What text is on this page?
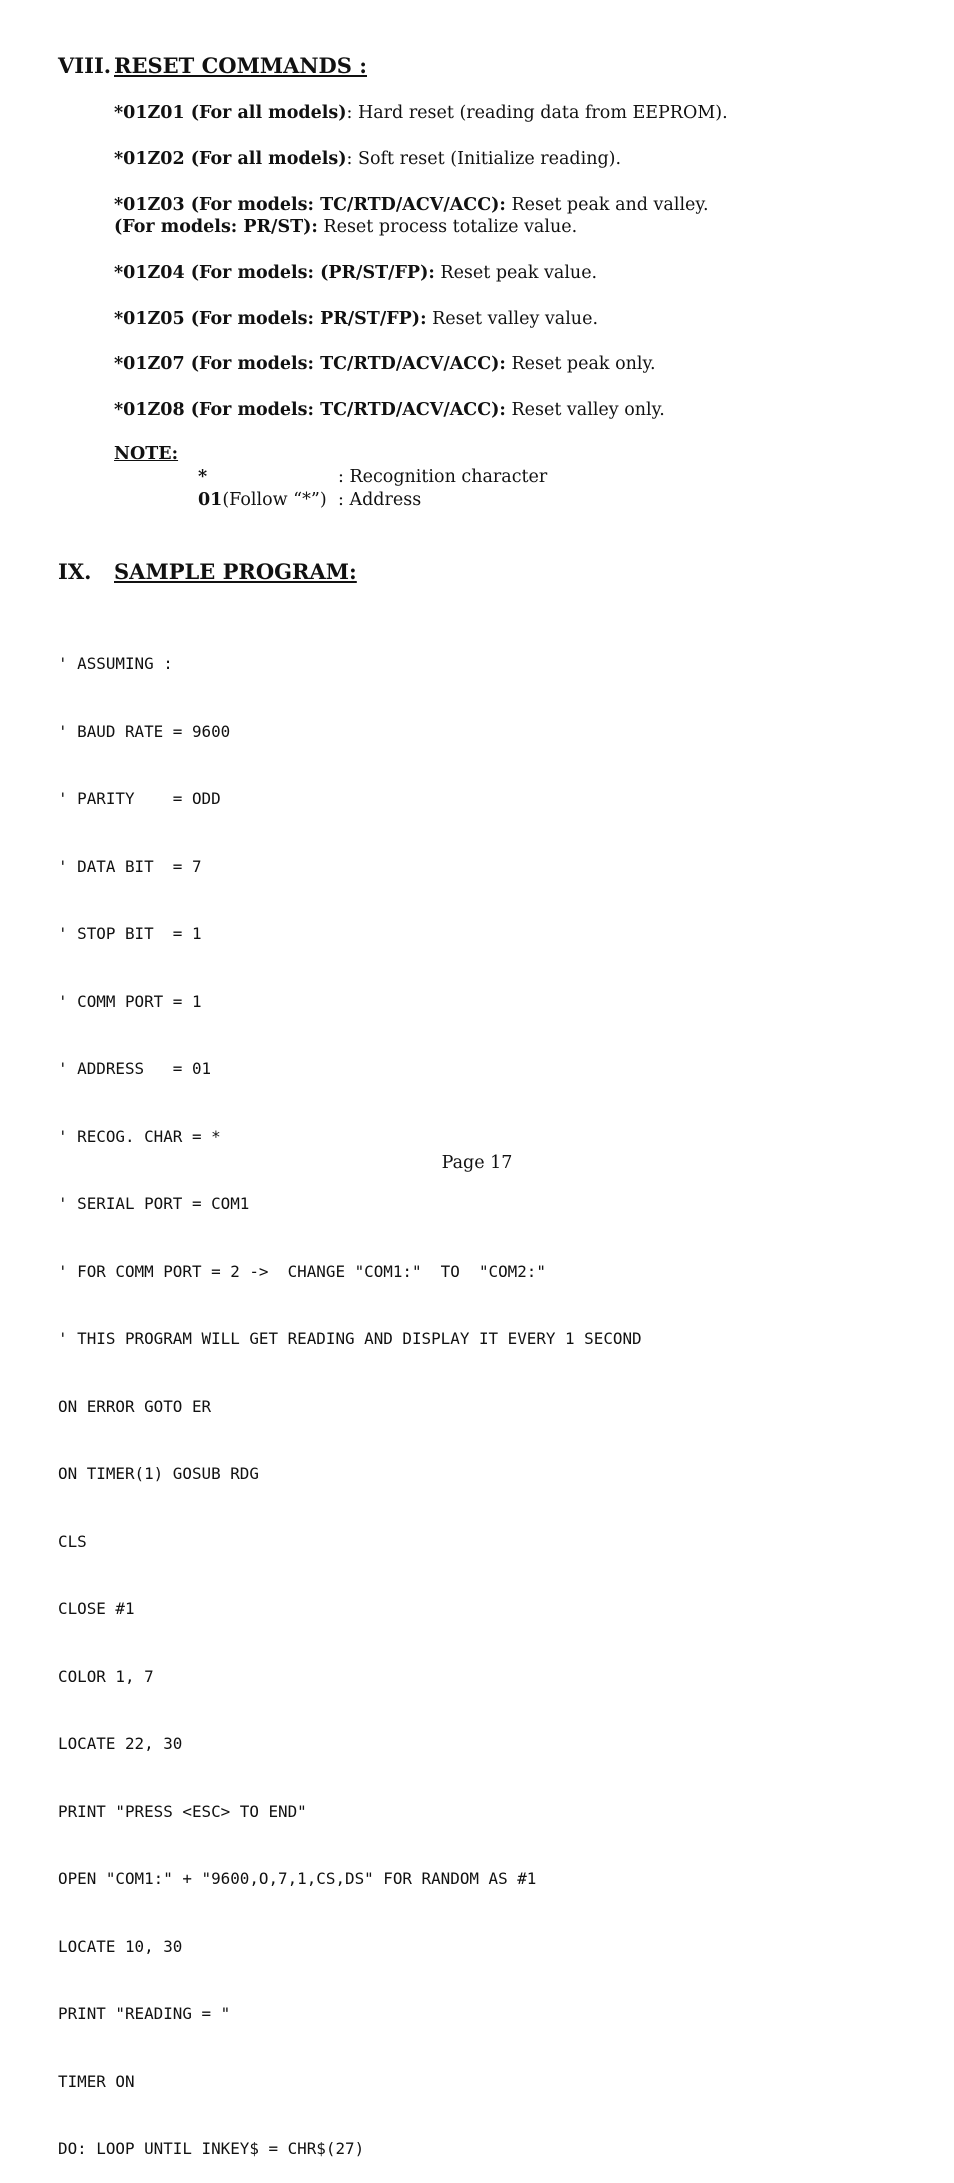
VIII. RESET COMMANDS :
*01Z01 (For all models): Hard reset (reading data from EEPROM).
*01Z02 (For all models): Soft reset (Initialize reading).
*01Z03 (For models: TC/RTD/ACV/ACC): Reset peak and valley.
(For models: PR/ST): Reset process totalize value.
*01Z04 (For models: (PR/ST/FP): Reset peak value.
*01Z05 (For models: PR/ST/FP): Reset valley value.
*01Z07 (For models: TC/RTD/ACV/ACC): Reset peak only.
*01Z08 (For models: TC/RTD/ACV/ACC): Reset valley only.
NOTE:
*	: Recognition character
01(Follow “*”) : Address
IX. SAMPLE PROGRAM:

' ASSUMING :

' BAUD RATE = 9600

' PARITY    = ODD

' DATA BIT  = 7

' STOP BIT  = 1

' COMM PORT = 1

' ADDRESS   = 01

' RECOG. CHAR = *

' SERIAL PORT = COM1

' FOR COMM PORT = 2 ->  CHANGE "COM1:"  TO  "COM2:"

' THIS PROGRAM WILL GET READING AND DISPLAY IT EVERY 1 SECOND

ON ERROR GOTO ER

ON TIMER(1) GOSUB RDG

CLS

CLOSE #1

COLOR 1, 7

LOCATE 22, 30

PRINT "PRESS <ESC> TO END"

OPEN "COM1:" + "9600,O,7,1,CS,DS" FOR RANDOM AS #1

LOCATE 10, 30

PRINT "READING = "

TIMER ON

DO: LOOP UNTIL INKEY$ = CHR$(27)

Page 17
